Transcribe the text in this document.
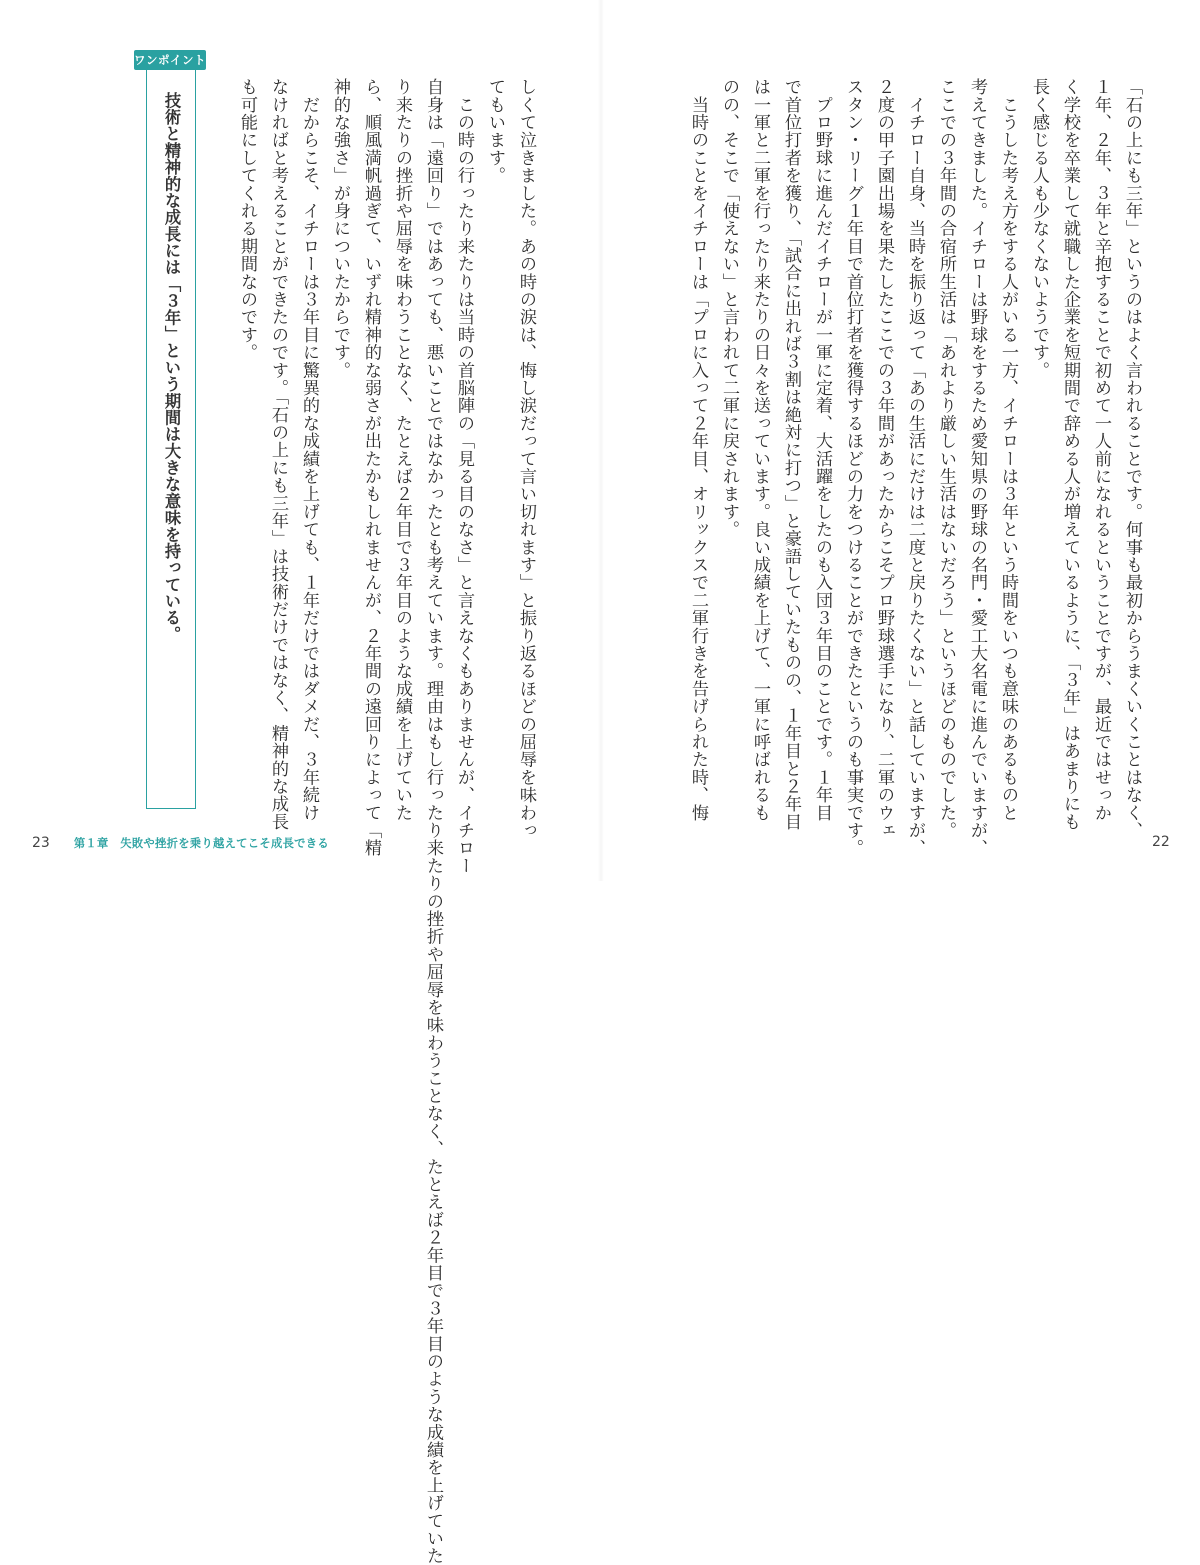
「石の上にも三年」というのはよく言われることです。何事も最初からうまくいくことはなく、
１年、２年、３年と辛抱することで初めて一人前になれるということですが、最近ではせっか
く学校を卒業して就職した企業を短期間で辞める人が増えているように、「３年」はあまりにも
長く感じる人も少なくないようです。
　こうした考え方をする人がいる一方、イチローは３年という時間をいつも意味のあるものと
考えてきました。イチローは野球をするため愛知県の野球の名門・愛工大名電に進んでいますが、
ここでの３年間の合宿所生活は「あれより厳しい生活はないだろう」というほどのものでした。
　イチロー自身、当時を振り返って「あの生活にだけは二度と戻りたくない」と話していますが、
２度の甲子園出場を果たしたここでの３年間があったからこそプロ野球選手になり、二軍のウェ
スタン・リーグ１年目で首位打者を獲得するほどの力をつけることができたというのも事実です。
　プロ野球に進んだイチローが一軍に定着、大活躍をしたのも入団３年目のことです。１年目
で首位打者を獲り、「試合に出れば３割は絶対に打つ」と豪語していたものの、１年目と２年目
は一軍と二軍を行ったり来たりの日々を送っています。良い成績を上げて、一軍に呼ばれるも
のの、そこで「使えない」と言われて二軍に戻されます。
　当時のことをイチローは「プロに入って２年目、オリックスで二軍行きを告げられた時、悔
しくて泣きました。あの時の涙は、悔し涙だって言い切れます」と振り返るほどの屈辱を味わっ
てもいます。
　この時の行ったり来たりは当時の首脳陣の「見る目のなさ」と言えなくもありませんが、イチロー
自身は「遠回り」ではあっても、悪いことではなかったとも考えています。理由はもし行ったり来たりの挫折や屈辱を味わうことなく、たとえば２年目で３年目のような成績を上げていた
り来たりの挫折や屈辱を味わうことなく、たとえば２年目で３年目のような成績を上げていた
ら、順風満帆過ぎて、いずれ精神的な弱さが出たかもしれませんが、２年間の遠回りによって「精
神的な強さ」が身についたからです。
　だからこそ、イチローは３年目に驚異的な成績を上げても、１年だけではダメだ、３年続け
なければと考えることができたのです。「石の上にも三年」は技術だけではなく、精神的な成長
も可能にしてくれる期間なのです。
技術と精神的な成長には「３年」という期間は大きな意味を持っている。
ワンポイント
23 第１章　失敗や挫折を乗り越えてこそ成長できる	22
